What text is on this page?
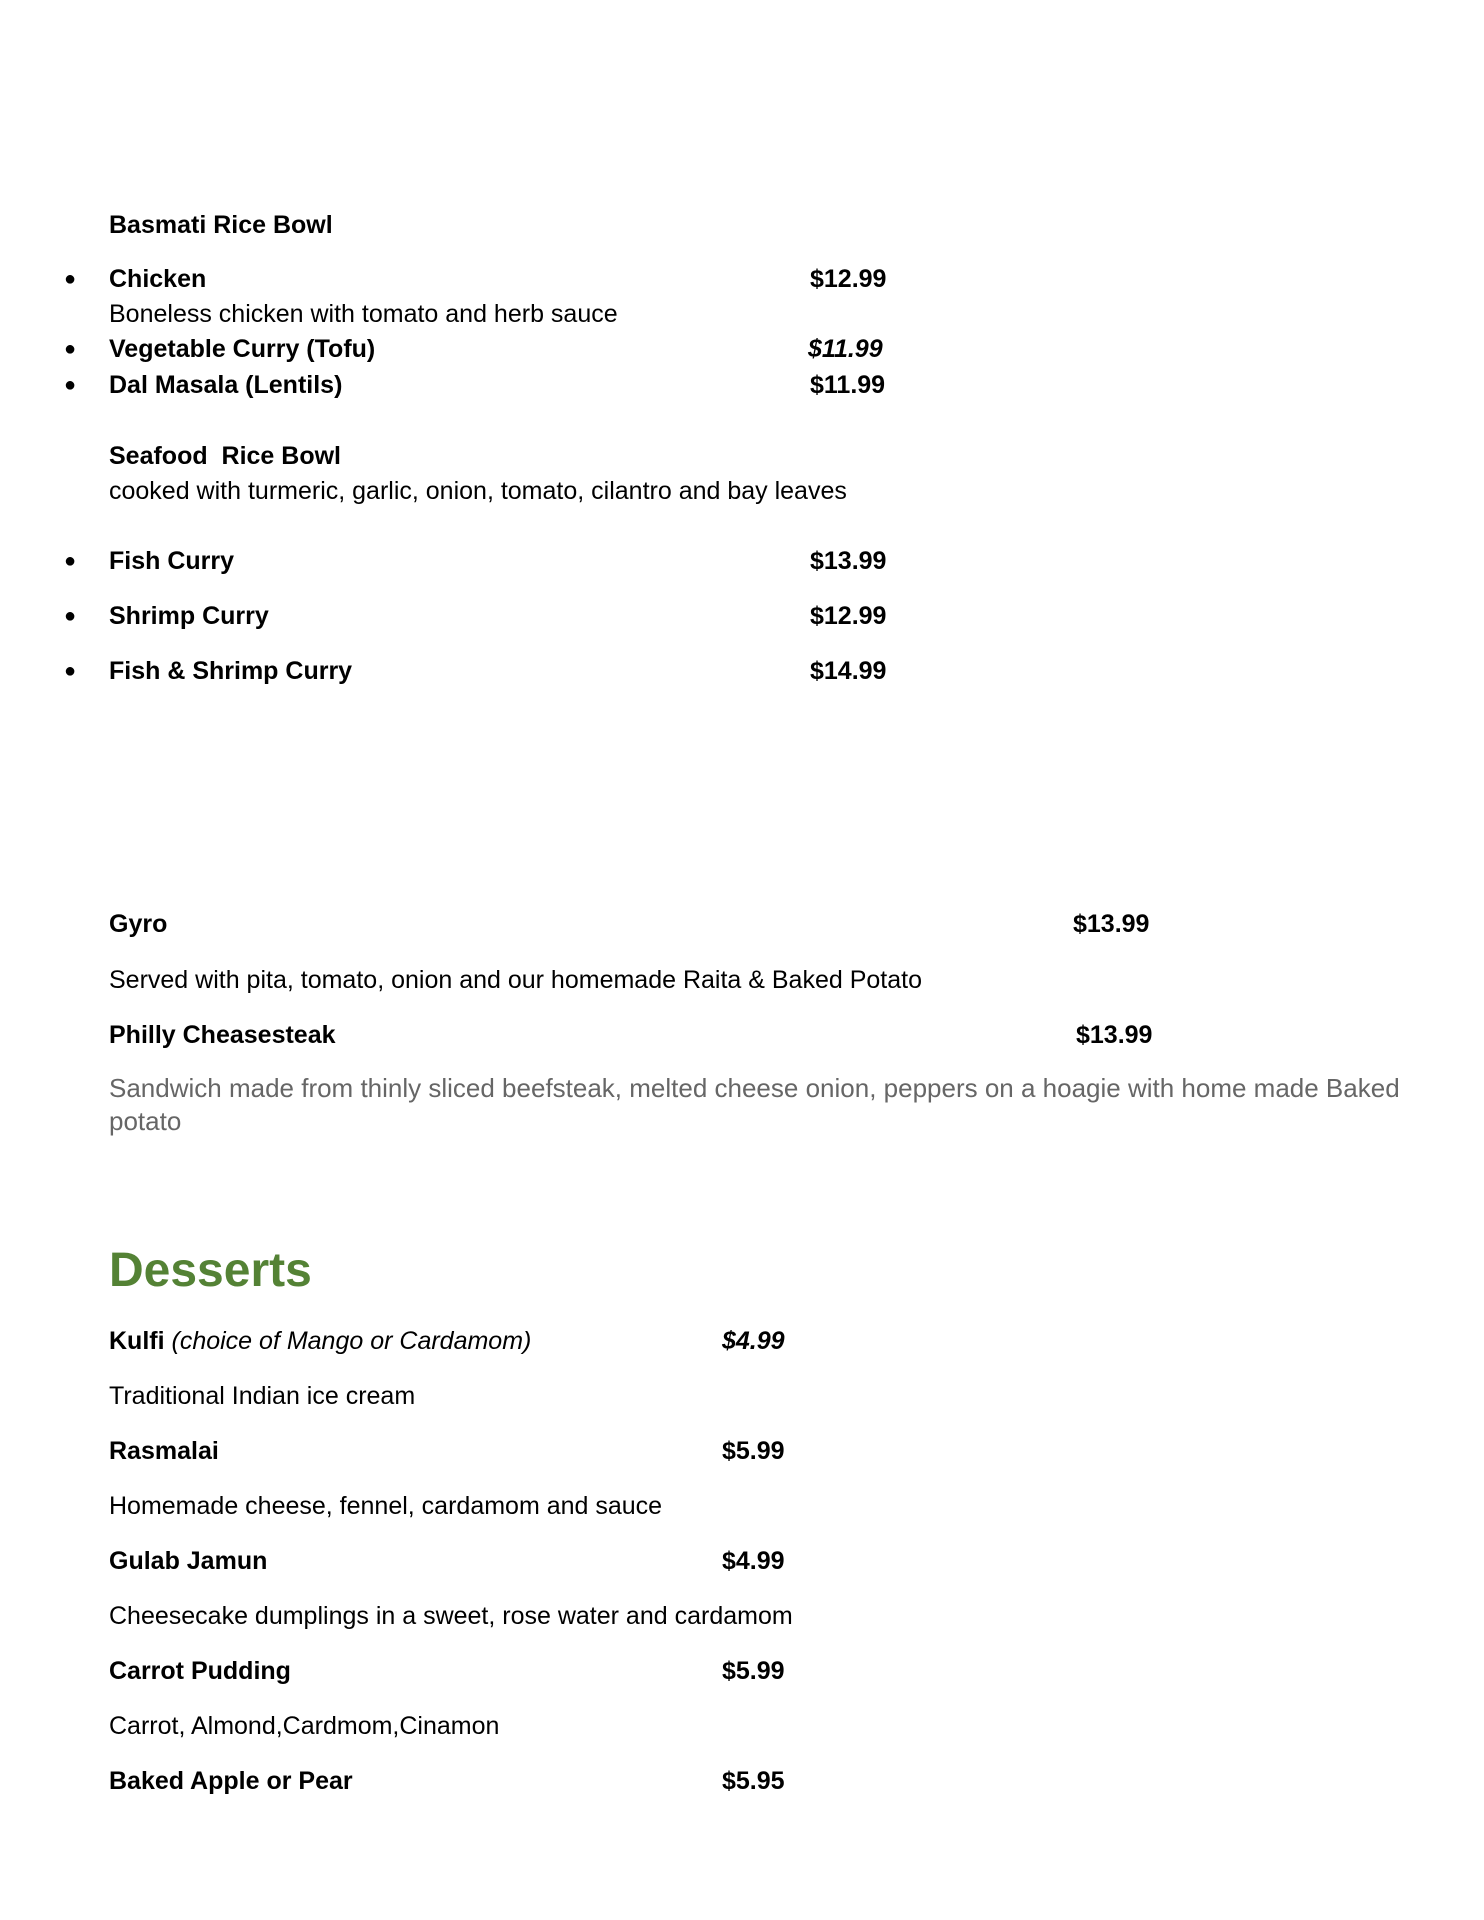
Basmati Rice Bowl
● Chicken	$12.99
Boneless chicken with tomato and herb sauce
● Vegetable Curry (Tofu)	$11.99
● Dal Masala (Lentils)	$11.99
Seafood  Rice Bowl
cooked with turmeric, garlic, onion, tomato, cilantro and bay leaves
● Fish Curry	$13.99
● Shrimp Curry	$12.99
● Fish & Shrimp Curry	$14.99
Gyro	$13.99
Served with pita, tomato, onion and our homemade Raita & Baked Potato
Philly Cheasesteak	$13.99
Sandwich made from thinly sliced beefsteak, melted cheese onion, peppers on a hoagie with home made Baked potato
Desserts
Kulfi (choice of Mango or Cardamom)	$4.99
Traditional Indian ice cream
Rasmalai	$5.99
Homemade cheese, fennel, cardamom and sauce
Gulab Jamun	$4.99
Cheesecake dumplings in a sweet, rose water and cardamom
Carrot Pudding	$5.99
Carrot, Almond,Cardmom,Cinamon
Baked Apple or Pear	$5.95
